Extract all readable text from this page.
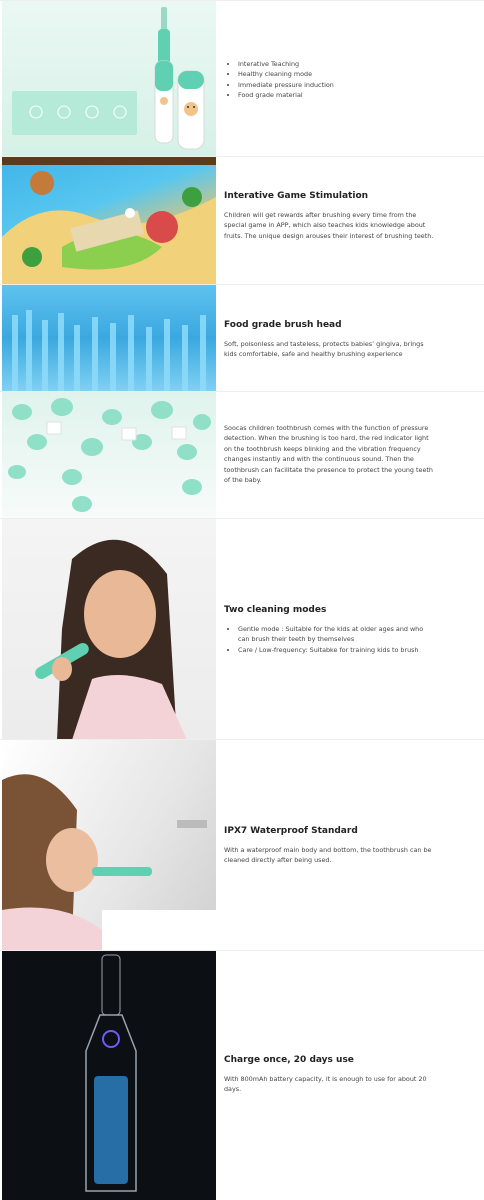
• Interative Teaching
• Healthy cleaning mode
• Immediate pressure induction
• Food grade material
Interative Game Stimulation

Children will get rewards after brushing every time from the special game in APP, which also teaches kids knowledge about fruits. The unique design arouses their interest of brushing teeth.

Food grade brush head

Soft, poisonless and tasteless, protects babies’ gingiva, brings kids comfortable, safe and healthy brushing experience

Soocas children toothbrush comes with the function of pressure detection. When the brushing is too hard, the red indicator light on the toothbrush keeps blinking and the vibration frequency changes instantly and with the continuous sound. Then the toothbrush can facilitate the presence to protect the young teeth of the baby.

Two cleaning modes
• Gentle mode : Suitable for the kids at older ages and who can brush their teeth by themselves
• Care / Low-frequency: Suitabke for training kids to brush
IPX7 Waterproof Standard

With a waterproof main body and bottom, the toothbrush can be cleaned directly after being used.

Charge once, 20 days use

With 800mAh battery capacity, it is enough to use for about 20 days.
